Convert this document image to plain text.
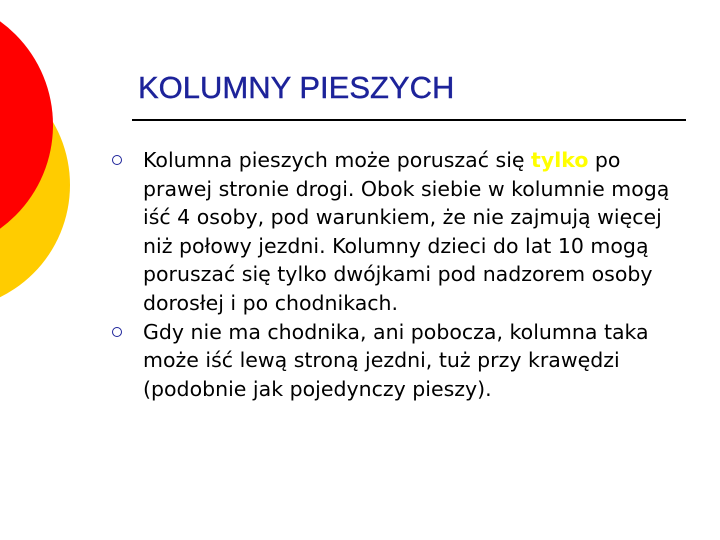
KOLUMNY PIESZYCH
Kolumna pieszych może poruszać się tylko po prawej stronie drogi. Obok siebie w kolumnie mogą iść 4 osoby, pod warunkiem, że nie zajmują więcej niż połowy jezdni. Kolumny dzieci do lat 10 mogą poruszać się tylko dwójkami pod nadzorem osoby dorosłej i po chodnikach.
Gdy nie ma chodnika, ani pobocza, kolumna taka może iść lewą stroną jezdni, tuż przy krawędzi (podobnie jak pojedynczy pieszy).
